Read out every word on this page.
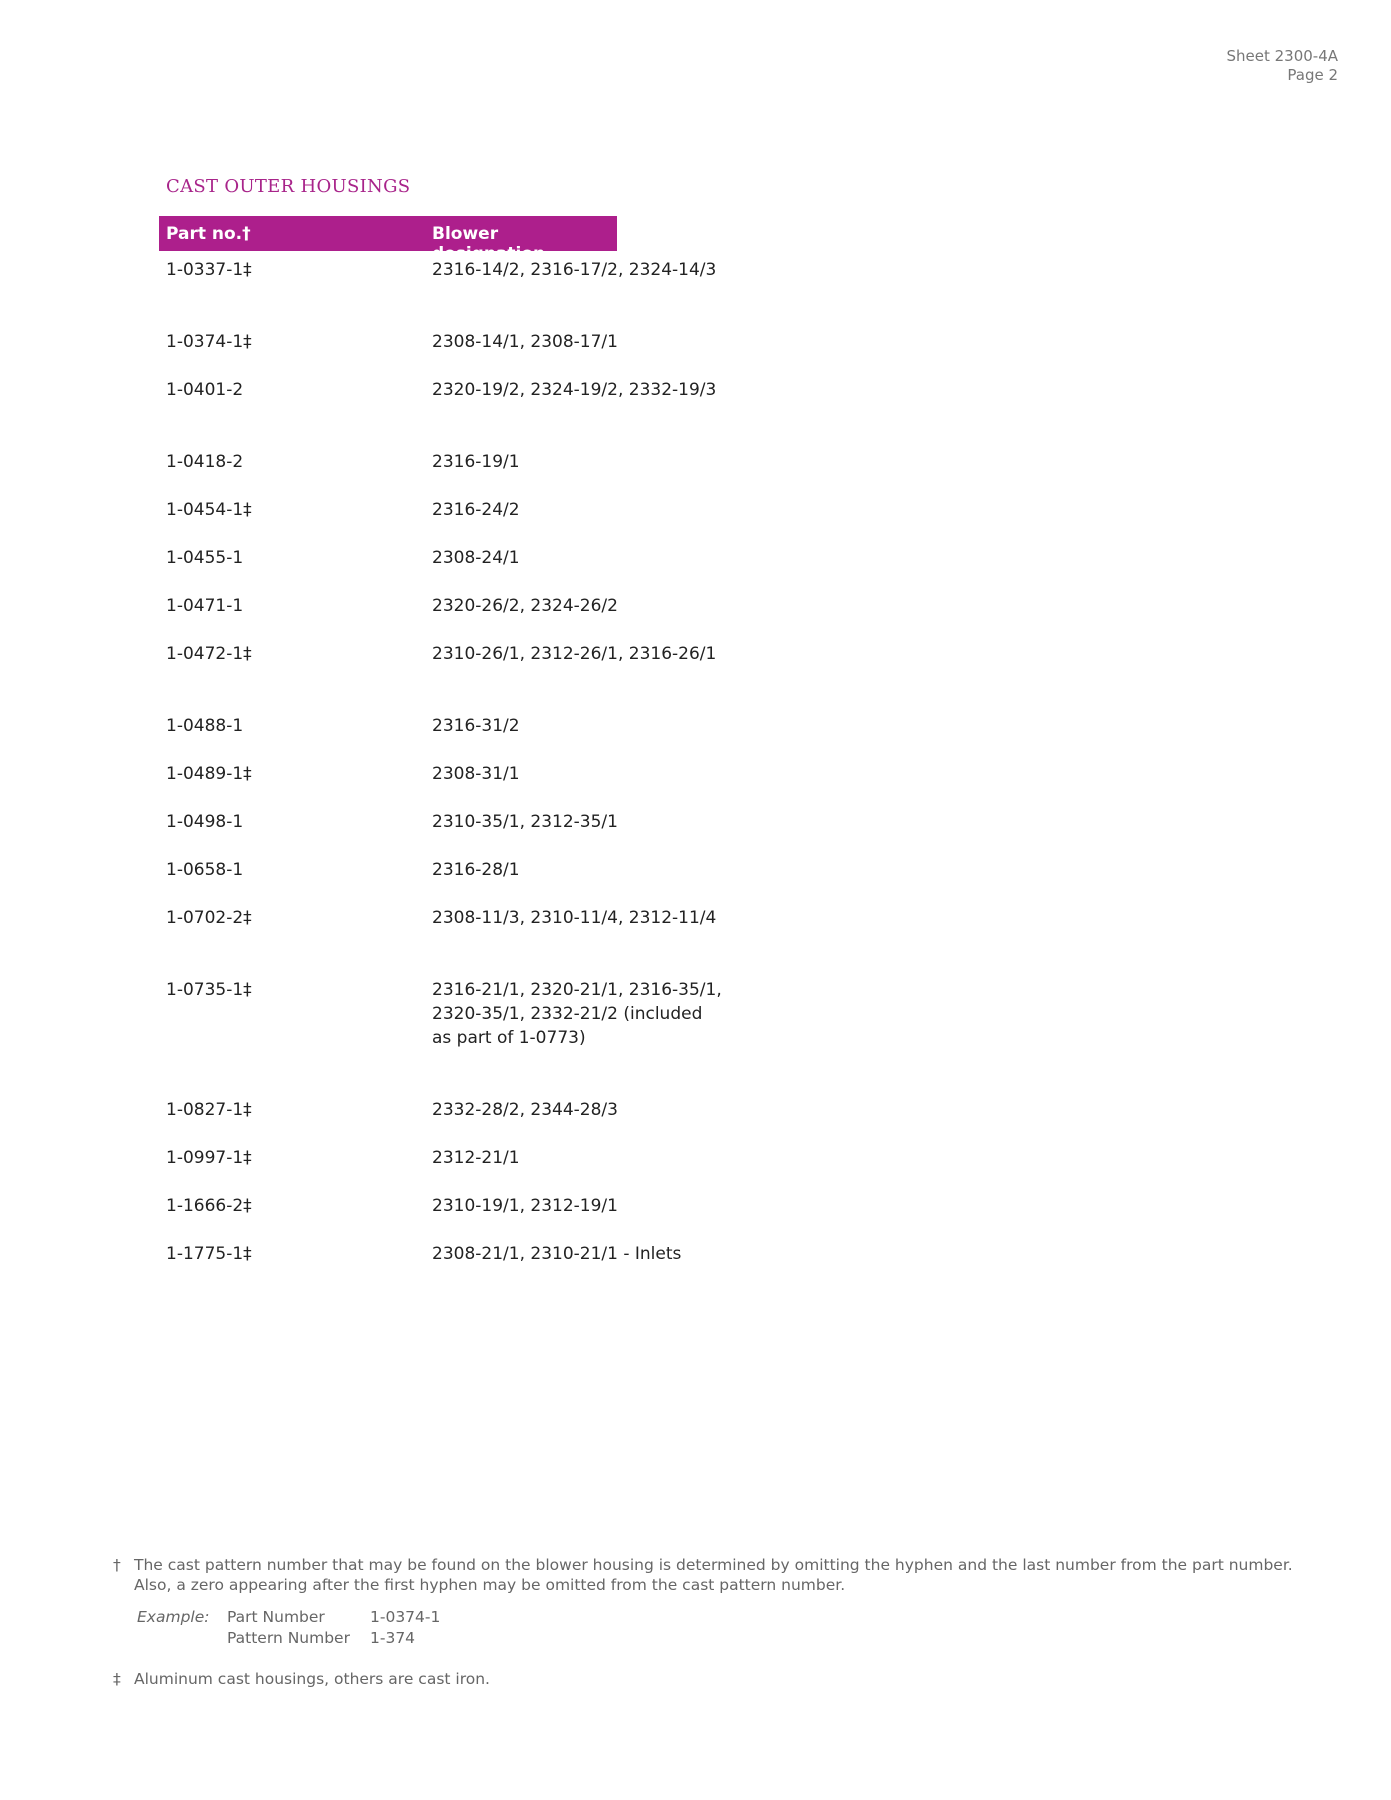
Sheet 2300-4A
Page 2
CAST OUTER HOUSINGS
Part no.†	Blower designation
1-0337-1‡	2316-14/2, 2316-17/2, 2324-14/3
1-0374-1‡	2308-14/1, 2308-17/1
1-0401-2	2320-19/2, 2324-19/2, 2332-19/3
1-0418-2	2316-19/1
1-0454-1‡	2316-24/2
1-0455-1	2308-24/1
1-0471-1	2320-26/2, 2324-26/2
1-0472-1‡	2310-26/1, 2312-26/1, 2316-26/1
1-0488-1	2316-31/2
1-0489-1‡	2308-31/1
1-0498-1	2310-35/1, 2312-35/1
1-0658-1	2316-28/1
1-0702-2‡	2308-11/3, 2310-11/4, 2312-11/4
1-0735-1‡	2316-21/1, 2320-21/1, 2316-35/1, 2320-35/1, 2332-21/2 (included as part of 1-0773)
1-0827-1‡	2332-28/2, 2344-28/3
1-0997-1‡	2312-21/1
1-1666-2‡	2310-19/1, 2312-19/1
1-1775-1‡	2308-21/1, 2310-21/1 - Inlets
† The cast pattern number that may be found on the blower housing is determined by omitting the hyphen and the last number from the part number. Also, a zero appearing after the first hyphen may be omitted from the cast pattern number.
Example: Part Number	1-0374-1
Pattern Number 1-374
‡ Aluminum cast housings, others are cast iron.
